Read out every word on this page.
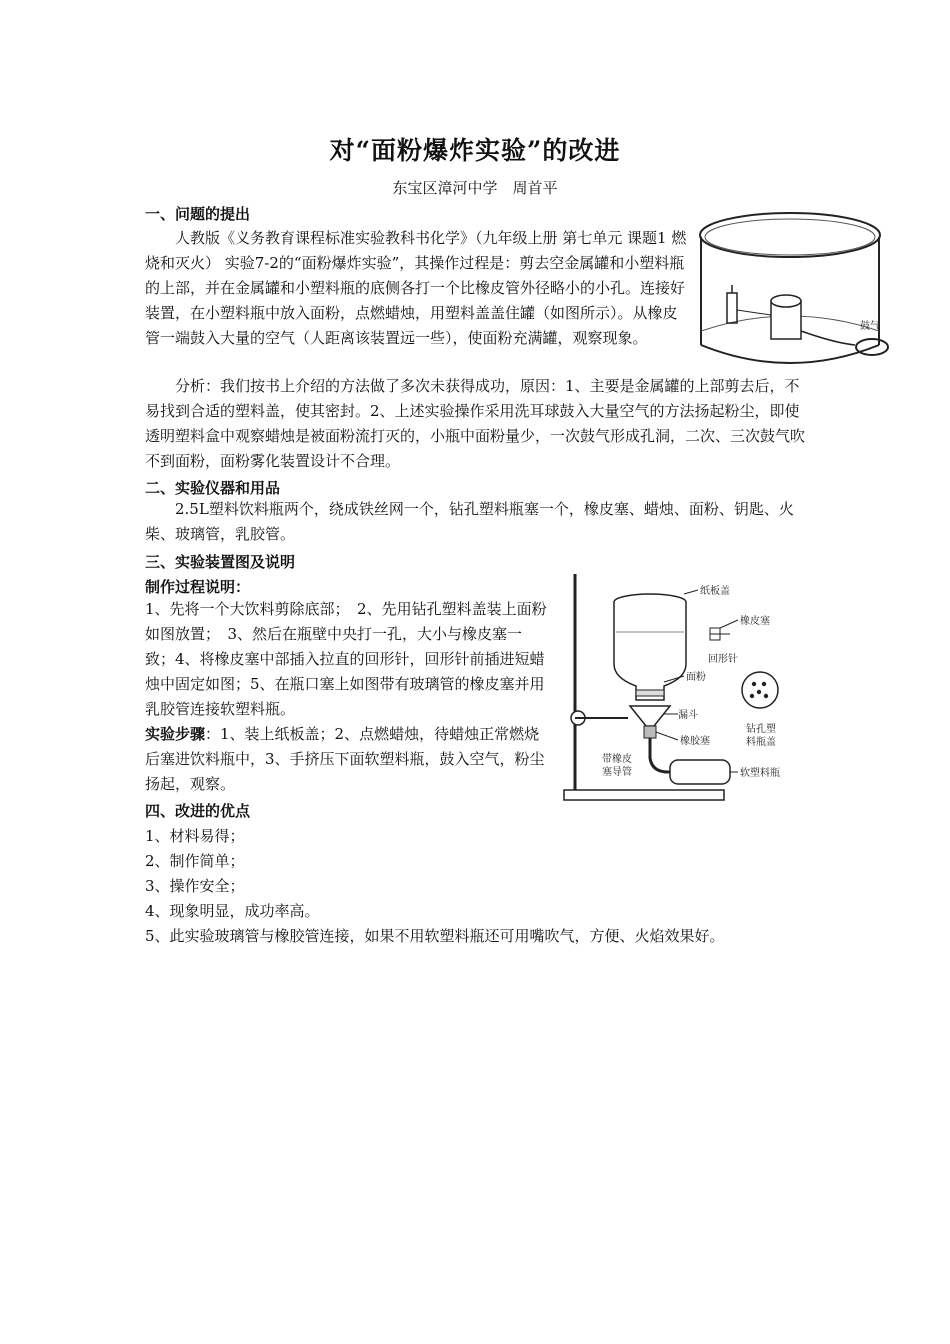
对“面粉爆炸实验”的改进
东宝区漳河中学　周首平
一、问题的提出
人教版《义务教育课程标准实验教科书化学》（九年级上册 第七单元 课题1 燃烧和灭火） 实验7-2的“面粉爆炸实验”，其操作过程是：剪去空金属罐和小塑料瓶的上部，并在金属罐和小塑料瓶的底侧各打一个比橡皮管外径略小的小孔。连接好装置，在小塑料瓶中放入面粉，点燃蜡烛，用塑料盖盖住罐（如图所示）。从橡皮管一端鼓入大量的空气（人距离该装置远一些），使面粉充满罐，观察现象。
分析：我们按书上介绍的方法做了多次未获得成功，原因：1、主要是金属罐的上部剪去后，不易找到合适的塑料盖，使其密封。2、上述实验操作采用洗耳球鼓入大量空气的方法扬起粉尘，即使透明塑料盒中观察蜡烛是被面粉流打灭的，小瓶中面粉量少，一次鼓气形成孔洞，二次、三次鼓气吹不到面粉，面粉雾化装置设计不合理。
鼓气
二、实验仪器和用品
2.5L塑料饮料瓶两个，绕成铁丝网一个，钻孔塑料瓶塞一个，橡皮塞、蜡烛、面粉、钥匙、火柴、玻璃管，乳胶管。
三、实验装置图及说明
制作过程说明：
1、先将一个大饮料剪除底部；　2、先用钻孔塑料盖装上面粉如图放置；　3、然后在瓶壁中央打一孔，大小与橡皮塞一致；4、将橡皮塞中部插入拉直的回形针，回形针前插进短蜡烛中固定如图；5、在瓶口塞上如图带有玻璃管的橡皮塞并用乳胶管连接软塑料瓶。
实验步骤：1、装上纸板盖；2、点燃蜡烛，待蜡烛正常燃烧后塞进饮料瓶中，3、手挤压下面软塑料瓶，鼓入空气，粉尘扬起，观察。
纸板盖
橡皮塞
回形针
面粉
漏斗
钻孔塑
料瓶盖
橡胶塞
带橡皮
塞导管	软塑料瓶
四、改进的优点
1、材料易得；
2、制作简单；
3、操作安全；
4、现象明显，成功率高。
5、此实验玻璃管与橡胶管连接，如果不用软塑料瓶还可用嘴吹气，方便、火焰效果好。
